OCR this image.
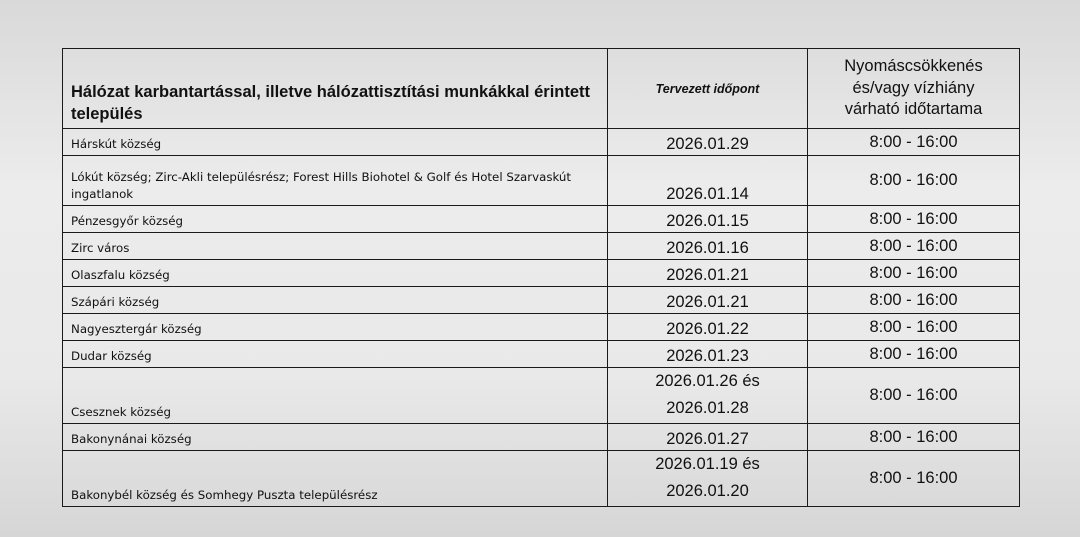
Hálózat karbantartással, illetve hálózattisztítási munkákkal érintett település	Tervezett időpont	Nyomáscsökkenés
és/vagy vízhiány
várható időtartama

Hárskút község	2026.01.29	8:00 - 16:00
Lókút község; Zirc-Akli településrész; Forest Hills Biohotel & Golf és Hotel Szarvaskút ingatlanok	2026.01.14	8:00 - 16:00
Pénzesgyőr község	2026.01.15	8:00 - 16:00
Zirc város	2026.01.16	8:00 - 16:00
Olaszfalu község	2026.01.21	8:00 - 16:00
Szápári község	2026.01.21	8:00 - 16:00
Nagyesztergár község	2026.01.22	8:00 - 16:00
Dudar község	2026.01.23	8:00 - 16:00
Csesznek község	2026.01.26 és
2026.01.28	8:00 - 16:00
Bakonynánai község	2026.01.27	8:00 - 16:00
Bakonybél község és Somhegy Puszta településrész	2026.01.19 és
2026.01.20	8:00 - 16:00
